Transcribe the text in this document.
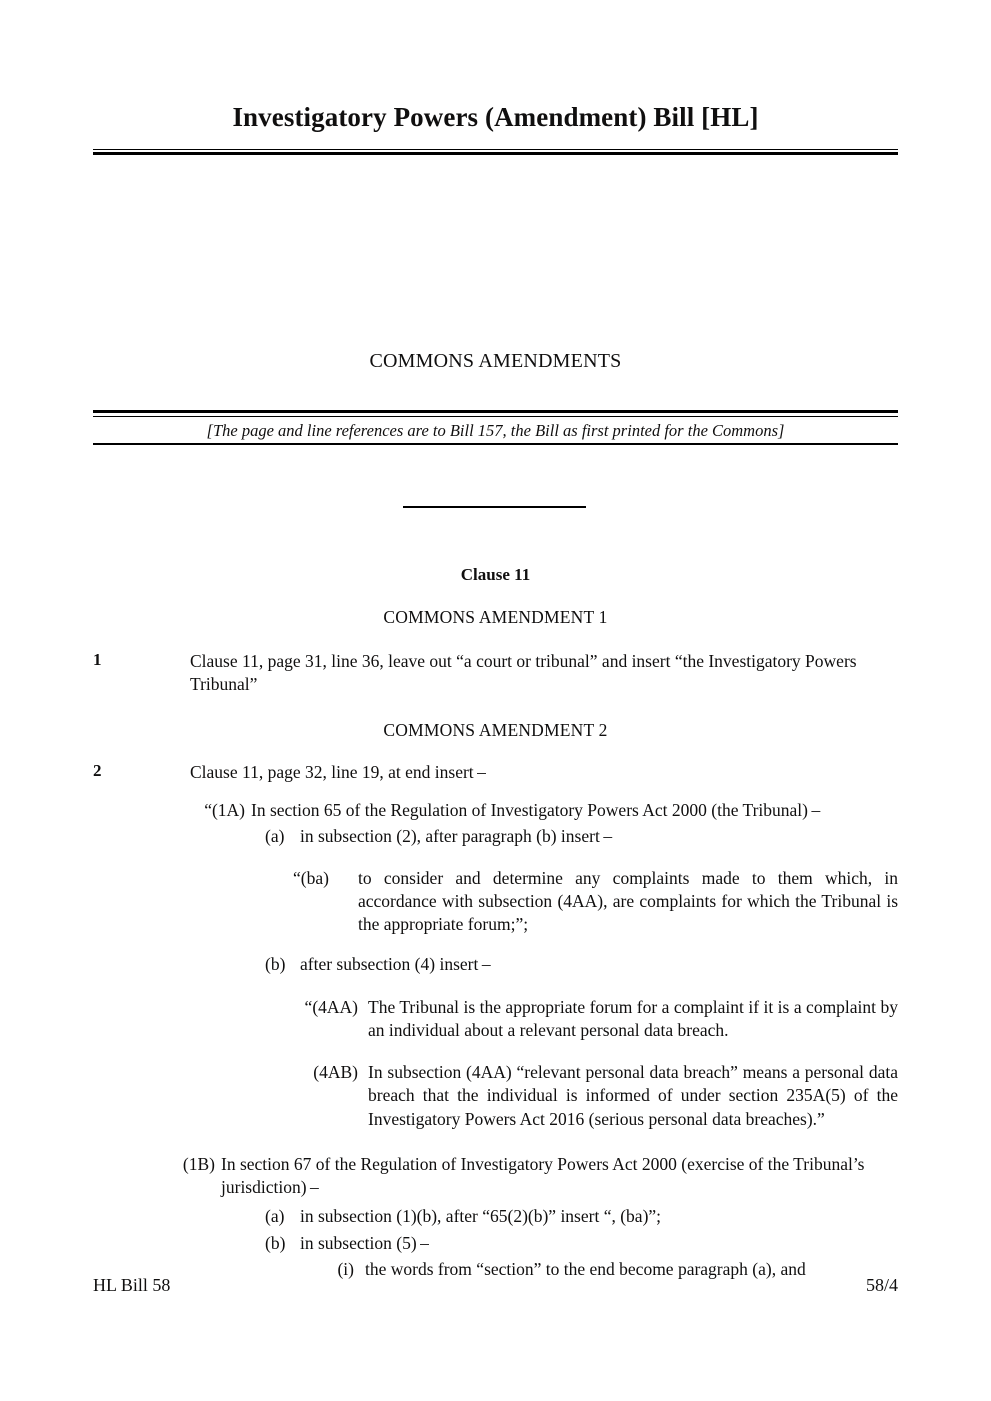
Investigatory Powers (Amendment) Bill [HL]
COMMONS AMENDMENTS
[The page and line references are to Bill 157, the Bill as first printed for the Commons]
Clause 11
COMMONS AMENDMENT 1
1	Clause 11, page 31, line 36, leave out “a court or tribunal” and insert “the Investigatory Powers Tribunal”
COMMONS AMENDMENT 2
2	Clause 11, page 32, line 19, at end insert –
“(1A) In section 65 of the Regulation of Investigatory Powers Act 2000 (the Tribunal) –
(a) in subsection (2), after paragraph (b) insert –
“(ba)	to consider and determine any complaints made to them which, in accordance with subsection (4AA), are complaints for which the Tribunal is the appropriate forum;”;
(b) after subsection (4) insert –
“(4AA) The Tribunal is the appropriate forum for a complaint if it is a complaint by an individual about a relevant personal data breach.
(4AB) In subsection (4AA) “relevant personal data breach” means a personal data breach that the individual is informed of under section 235A(5) of the Investigatory Powers Act 2016 (serious personal data breaches).”
(1B) In section 67 of the Regulation of Investigatory Powers Act 2000 (exercise of the Tribunal’s jurisdiction) –
(a) in subsection (1)(b), after “65(2)(b)” insert “, (ba)”;
(b) in subsection (5) –
(i) the words from “section” to the end become paragraph (a), and
HL Bill 58	58/4
